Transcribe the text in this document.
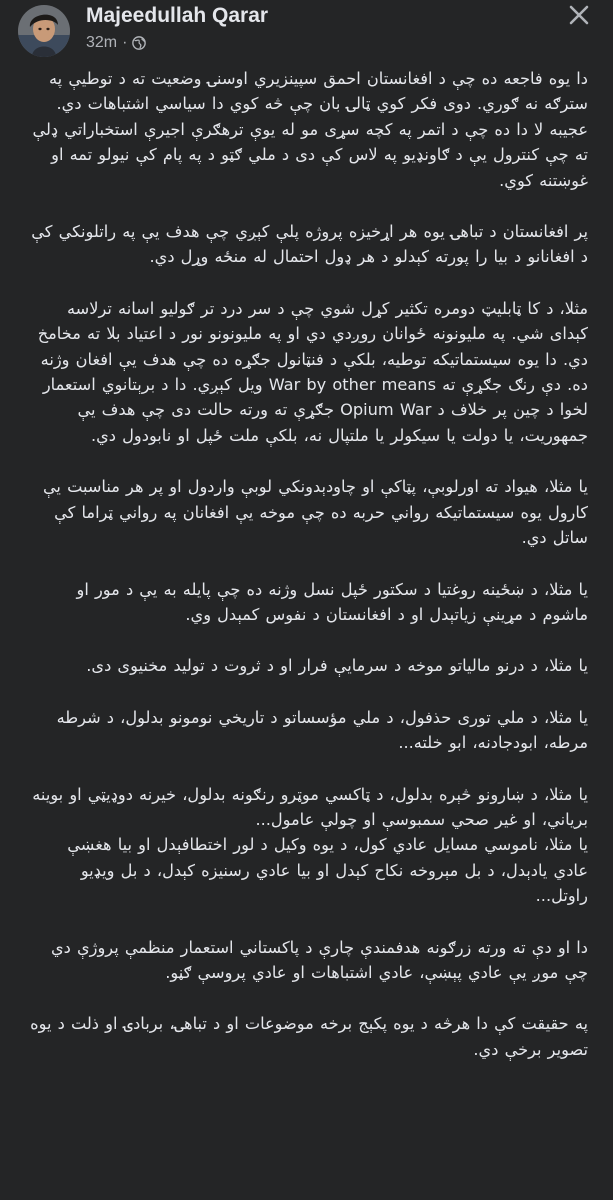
Majeedullah Qarar
32m ·

دا یوه فاجعه ده چې د افغانستان احمق سپینزیري اوسنۍ وضعیت ته د توطیې په سترګه نه ګوري. دوی فکر کوي ټالۍ بان چې څه کوي دا سیاسي اشتباهات دي. عجیبه لا دا ده چې د اتمر په کچه سړی مو له یوې ترهګرې اجیرې استخباراتي ډلې ته چې کنترول یې د ګاونډیو په لاس کې دی د ملي ګټو د په پام کې نیولو تمه او غوښتنه کوي.

پر افغانستان د تباهۍ یوه هر اړخیزه پروژه پلې کېږي چې هدف یې په راتلونکي کې د افغانانو د بیا را پورته کېدلو د هر ډول احتمال له منځه وړل دي.

مثلا، د کا ټابلیټ دومره تکثیر کړل شوي چې د سر درد تر ګولیو اسانه ترلاسه کېدای شي. په ملیونونه ځوانان روږدي دي او په ملیونونو نور د اعتیاد بلا ته مخامخ دي. دا یوه سیستماتیکه توطیه، بلکې د فنټانول جګړه ده چې هدف یې افغان وژنه ده. دې رنګ جګړې ته War by other means ویل کېږي. دا د برېتانوي استعمار لخوا د چین پر خلاف د Opium War جګړې ته ورته حالت دی چې هدف یې جمهوریت، یا دولت یا سیکولر یا ملتپال نه، بلکې ملت ځپل او نابودول دي.

یا مثلا، هیواد ته اورلوبې، پټاکې او چاودېدونکي لوبې واردول او پر هر مناسبت یې کارول یوه سیستماتیکه رواني حربه ده چې موخه یې افغانان په رواني ټراما کې ساتل دي.

یا مثلا، د ښځینه روغتیا د سکتور ځپل نسل وژنه ده چې پایله به یې د مور او ماشوم د مړینې زیاتېدل او د افغانستان د نفوس کمېدل وي.

یا مثلا، د درنو مالیاتو موخه د سرمایې فرار او د ثروت د تولید مخنیوی دی.

یا مثلا، د ملي توری حذفول، د ملي مؤسساتو د تاریخي نومونو بدلول، د شرطه مرطه، ابودجادنه، ابو خلته...

یا مثلا، د ښارونو څېره بدلول، د ټاکسي موټرو رنګونه بدلول، خیرنه دوډیټي او بوینه برياني، او غیر صحي سمبوسې او چولې عامول...

یا مثلا، ناموسي مسایل عادي کول، د یوه وکیل د لور اختطافېدل او بیا هغښې عادي یادېدل، د بل مېروخه نکاح کېدل او بیا عادي رسنیزه کېدل، د بل ویډیو راوتل...

دا او دې ته ورته زرګونه هدفمندې چارې د پاکستاني استعمار منظمې پروژې دي چې موږ یې عادي پېښې، عادي اشتباهات او عادي پروسې ګڼو.

په حقیقت کې دا هرڅه د یوه پکېج برخه موضوعات او د تباهۍ، بربادۍ او ذلت د یوه تصویر برخې دي.
